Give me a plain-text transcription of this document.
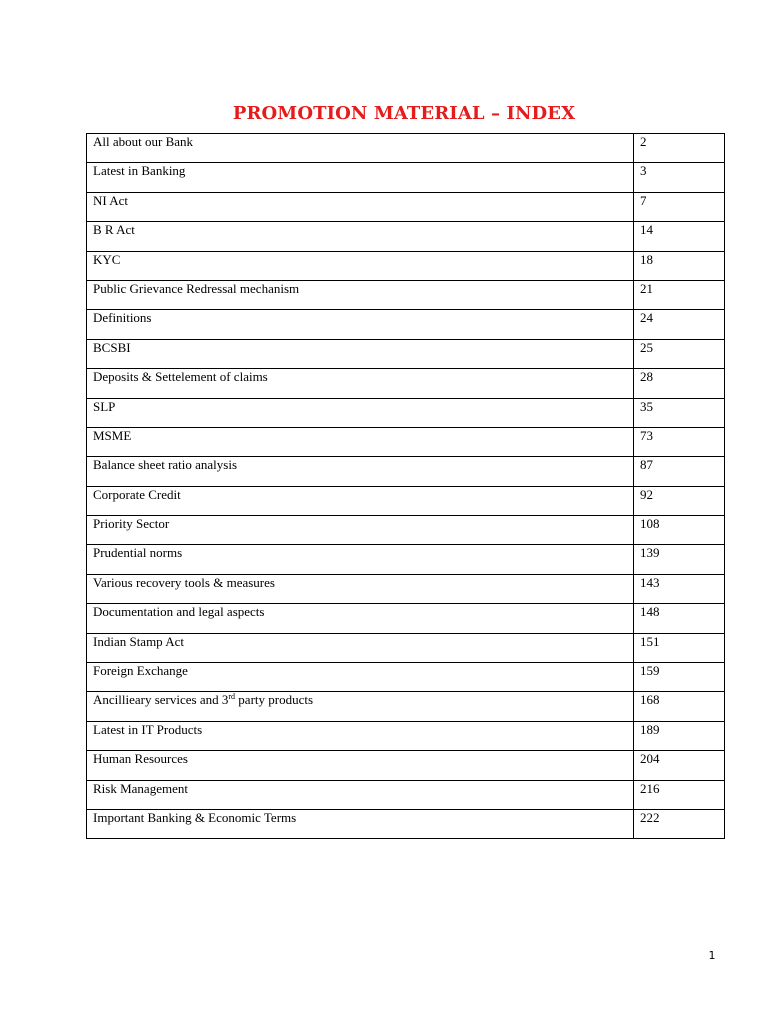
PROMOTION MATERIAL – INDEX
All about our Bank	2
Latest in Banking	3
NI Act	7
B R Act	14
KYC	18
Public Grievance Redressal mechanism	21
Definitions	24
BCSBI	25
Deposits & Settelement of claims	28
SLP	35
MSME	73
Balance sheet ratio analysis	87
Corporate Credit	92
Priority Sector	108
Prudential norms	139
Various recovery tools & measures	143
Documentation and legal aspects	148
Indian Stamp Act	151
Foreign Exchange	159
Ancillieary services and 3rd party products	168
Latest in IT Products	189
Human Resources	204
Risk Management	216
Important Banking & Economic Terms	222
1
